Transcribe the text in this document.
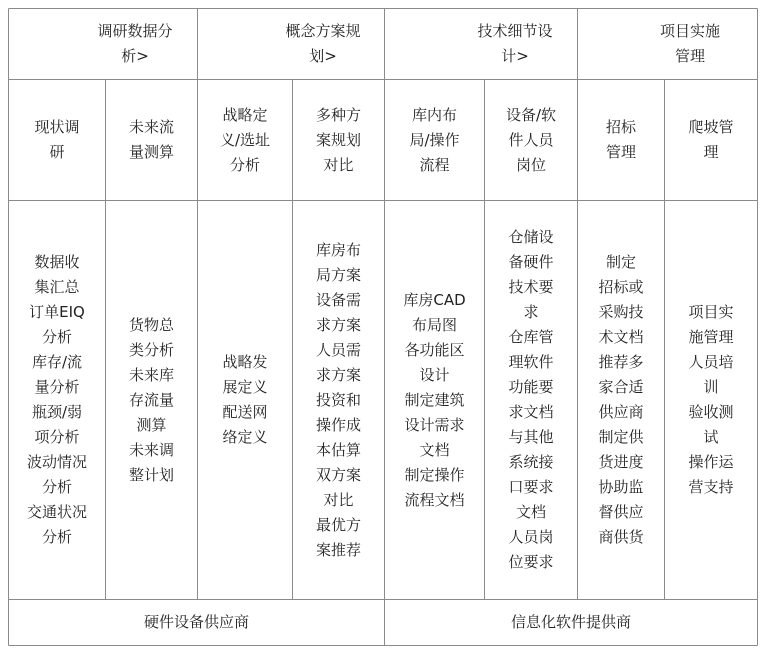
调研数据分
析>
概念方案规
划>
技术细节设
计>
项目实施
管理
现状调
研
未来流
量测算
战略定
义/选址
分析
多种方
案规划
对比
库内布
局/操作
流程
设备/软
件人员
岗位
招标
管理
爬坡管
理
数据收
集汇总
订单EIQ
分析
库存/流
量分析
瓶颈/弱
项分析
波动情况
分析
交通状况
分析
货物总
类分析
未来库
存流量
测算
未来调
整计划
战略发
展定义
配送网
络定义
库房布
局方案
设备需
求方案
人员需
求方案
投资和
操作成
本估算
双方案
对比
最优方
案推荐
库房CAD
布局图
各功能区
设计
制定建筑
设计需求
文档
制定操作
流程文档
仓储设
备硬件
技术要
求
仓库管
理软件
功能要
求文档
与其他
系统接
口要求
文档
人员岗
位要求
制定
招标或
采购技
术文档
推荐多
家合适
供应商
制定供
货进度
协助监
督供应
商供货
项目实
施管理
人员培
训
验收测
试
操作运
营支持
硬件设备供应商	信息化软件提供商
